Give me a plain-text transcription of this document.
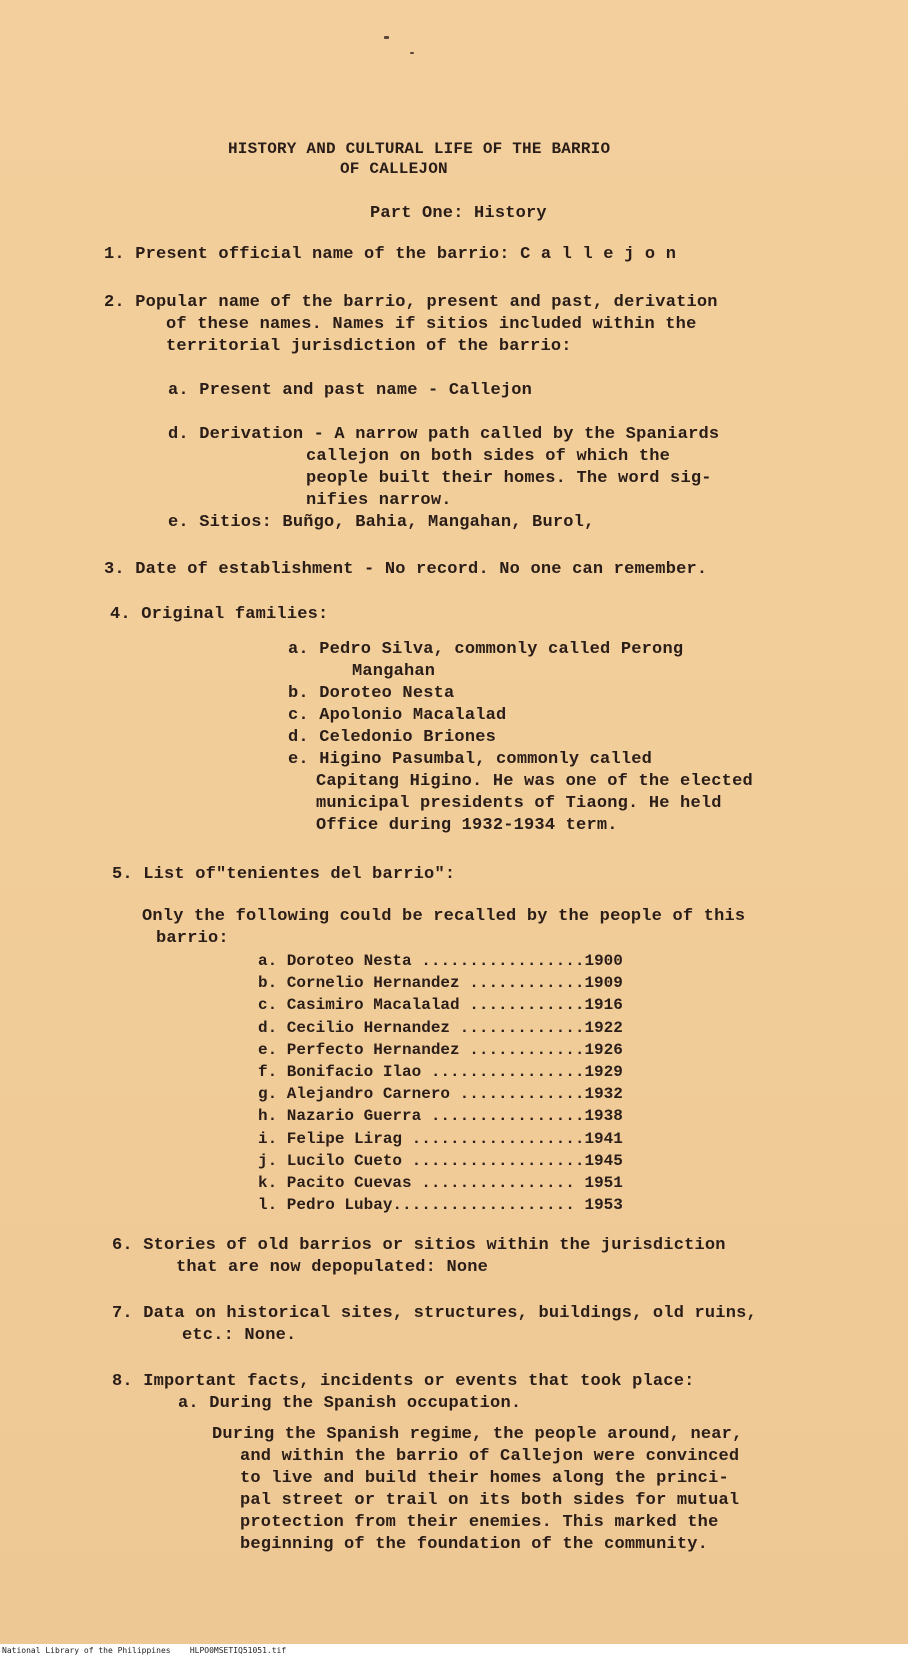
HISTORY AND CULTURAL LIFE OF THE BARRIO
OF CALLEJON
Part One: History
1. Present official name of the barrio: C a l l e j o n
2. Popular name of the barrio, present and past, derivation
of these names. Names if sitios included within the
territorial jurisdiction of the barrio:
a. Present and past name - Callejon
d. Derivation - A narrow path called by the Spaniards
callejon on both sides of which the
people built their homes. The word sig-
nifies narrow.
e. Sitios: Buñgo, Bahia, Mangahan, Burol,
3. Date of establishment - No record. No one can remember.
4. Original families:
a. Pedro Silva, commonly called Perong
Mangahan
b. Doroteo Nesta
c. Apolonio Macalalad
d. Celedonio Briones
e. Higino Pasumbal, commonly called
Capitang Higino. He was one of the elected
municipal presidents of Tiaong. He held
Office during 1932-1934 term.
5. List of"tenientes del barrio":
Only the following could be recalled by the people of this
barrio:
a. Doroteo Nesta ................. 1900
b. Cornelio Hernandez ............ 1909
c. Casimiro Macalalad ............ 1916
d. Cecilio Hernandez ............. 1922
e. Perfecto Hernandez ............ 1926
f. Bonifacio Ilao ................ 1929
g. Alejandro Carnero ............. 1932
h. Nazario Guerra ................ 1938
i. Felipe Lirag .................. 1941
j. Lucilo Cueto .................. 1945
k. Pacito Cuevas ................ 1951
l. Pedro Lubay ................... 1953
6. Stories of old barrios or sitios within the jurisdiction
that are now depopulated: None
7. Data on historical sites, structures, buildings, old ruins,
etc.: None.
8. Important facts, incidents or events that took place:
a. During the Spanish occupation.
During the Spanish regime, the people around, near,
and within the barrio of Callejon were convinced
to live and build their homes along the princi-
pal street or trail on its both sides for mutual
protection from their enemies. This marked the
beginning of the foundation of the community.
National Library of the Philippines    HLPO0MSETIQ51051.tif
